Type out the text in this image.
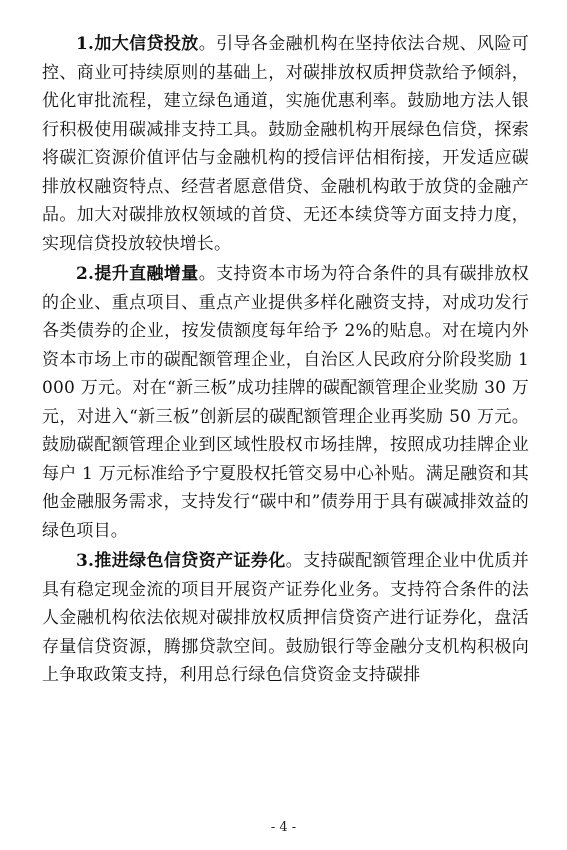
1.加大信贷投放。引导各金融机构在坚持依法合规、风险可控、商业可持续原则的基础上，对碳排放权质押贷款给予倾斜，优化审批流程，建立绿色通道，实施优惠利率。鼓励地方法人银行积极使用碳减排支持工具。鼓励金融机构开展绿色信贷，探索将碳汇资源价值评估与金融机构的授信评估相衔接，开发适应碳排放权融资特点、经营者愿意借贷、金融机构敢于放贷的金融产品。加大对碳排放权领域的首贷、无还本续贷等方面支持力度，实现信贷投放较快增长。

2.提升直融增量。支持资本市场为符合条件的具有碳排放权的企业、重点项目、重点产业提供多样化融资支持，对成功发行各类债券的企业，按发债额度每年给予 2%的贴息。对在境内外资本市场上市的碳配额管理企业，自治区人民政府分阶段奖励 1000 万元。对在“新三板”成功挂牌的碳配额管理企业奖励 30 万元，对进入“新三板”创新层的碳配额管理企业再奖励 50 万元。鼓励碳配额管理企业到区域性股权市场挂牌，按照成功挂牌企业每户 1 万元标准给予宁夏股权托管交易中心补贴。满足融资和其他金融服务需求，支持发行“碳中和”债券用于具有碳减排效益的绿色项目。

3.推进绿色信贷资产证券化。支持碳配额管理企业中优质并具有稳定现金流的项目开展资产证券化业务。支持符合条件的法人金融机构依法依规对碳排放权质押信贷资产进行证券化，盘活存量信贷资源，腾挪贷款空间。鼓励银行等金融分支机构积极向上争取政策支持，利用总行绿色信贷资金支持碳排

- 4 -
